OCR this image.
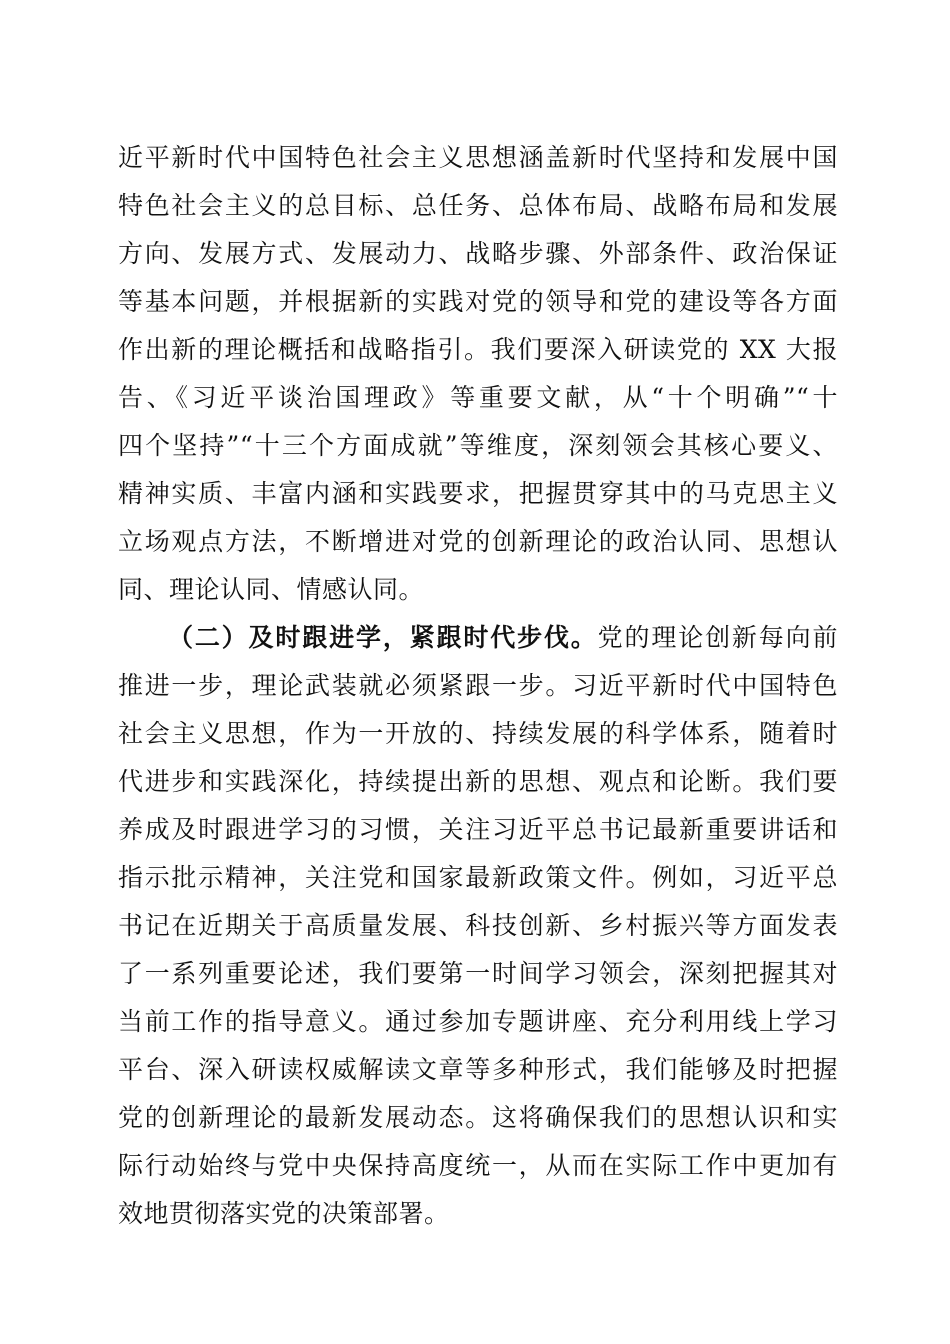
近平新时代中国特色社会主义思想涵盖新时代坚持和发展中国
特色社会主义的总目标、总任务、总体布局、战略布局和发展
方向、发展方式、发展动力、战略步骤、外部条件、政治保证
等基本问题，并根据新的实践对党的领导和党的建设等各方面
作出新的理论概括和战略指引。我们要深入研读党的 XX 大报
告、《习近平谈治国理政》等重要文献，从“十个明确”“十
四个坚持”“十三个方面成就”等维度，深刻领会其核心要义、
精神实质、丰富内涵和实践要求，把握贯穿其中的马克思主义
立场观点方法，不断增进对党的创新理论的政治认同、思想认
同、理论认同、情感认同。
（二）及时跟进学，紧跟时代步伐。党的理论创新每向前
推进一步，理论武装就必须紧跟一步。习近平新时代中国特色
社会主义思想，作为一开放的、持续发展的科学体系，随着时
代进步和实践深化，持续提出新的思想、观点和论断。我们要
养成及时跟进学习的习惯，关注习近平总书记最新重要讲话和
指示批示精神，关注党和国家最新政策文件。例如，习近平总
书记在近期关于高质量发展、科技创新、乡村振兴等方面发表
了一系列重要论述，我们要第一时间学习领会，深刻把握其对
当前工作的指导意义。通过参加专题讲座、充分利用线上学习
平台、深入研读权威解读文章等多种形式，我们能够及时把握
党的创新理论的最新发展动态。这将确保我们的思想认识和实
际行动始终与党中央保持高度统一，从而在实际工作中更加有
效地贯彻落实党的决策部署。
